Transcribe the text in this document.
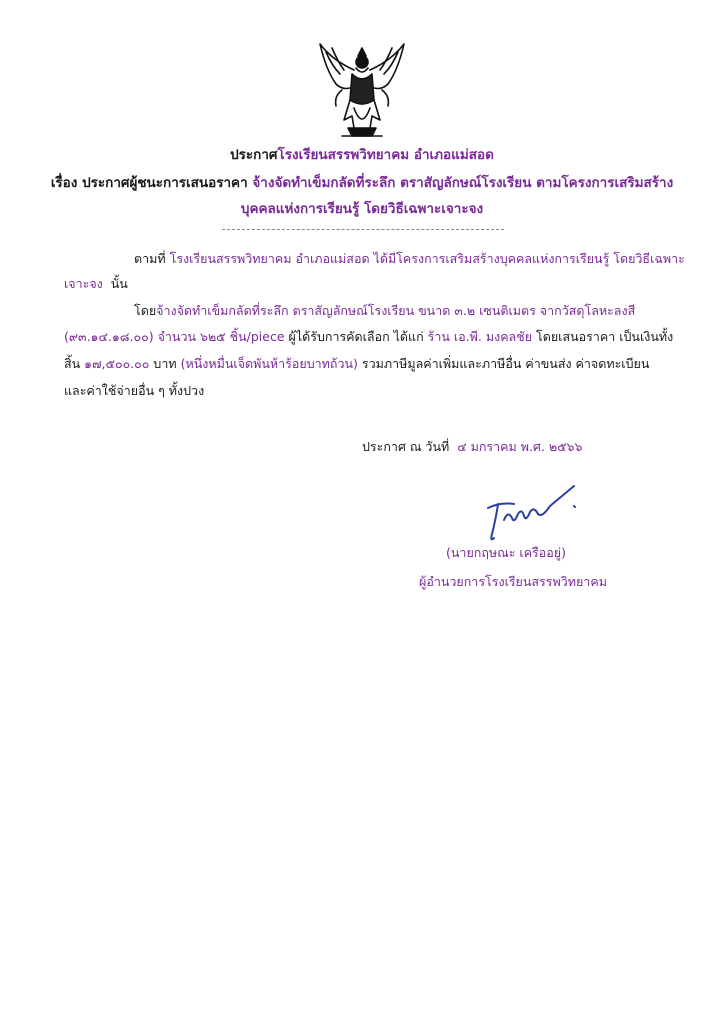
ประกาศโรงเรียนสรรพวิทยาคม อำเภอแม่สอด
เรื่อง ประกาศผู้ชนะการเสนอราคา จ้างจัดทำเข็มกลัดที่ระลึก ตราสัญลักษณ์โรงเรียน ตามโครงการเสริมสร้าง
บุคคลแห่งการเรียนรู้ โดยวิธีเฉพาะเจาะจง
ตามที่ โรงเรียนสรรพวิทยาคม อำเภอแม่สอด ได้มีโครงการเสริมสร้างบุคคลแห่งการเรียนรู้ โดยวิธีเฉพาะ
เจาะจง นั้น
โดยจ้างจัดทำเข็มกลัดที่ระลึก ตราสัญลักษณ์โรงเรียน ขนาด ๓.๒ เซนติเมตร จากวัสดุโลหะลงสี
(๙๓.๑๔.๑๘.๐๐) จำนวน ๖๒๕ ชิ้น/piece ผู้ได้รับการคัดเลือก ได้แก่ ร้าน เอ.พี. มงคลชัย โดยเสนอราคา เป็นเงินทั้ง
สิ้น ๑๗,๕๐๐.๐๐ บาท (หนึ่งหมื่นเจ็ดพันห้าร้อยบาทถ้วน) รวมภาษีมูลค่าเพิ่มและภาษีอื่น ค่าขนส่ง ค่าจดทะเบียน
และค่าใช้จ่ายอื่น ๆ ทั้งปวง
ประกาศ ณ วันที่ ๔ มกราคม พ.ศ. ๒๕๖๖
(นายกฤษณะ เครืออยู่)
ผู้อำนวยการโรงเรียนสรรพวิทยาคม
